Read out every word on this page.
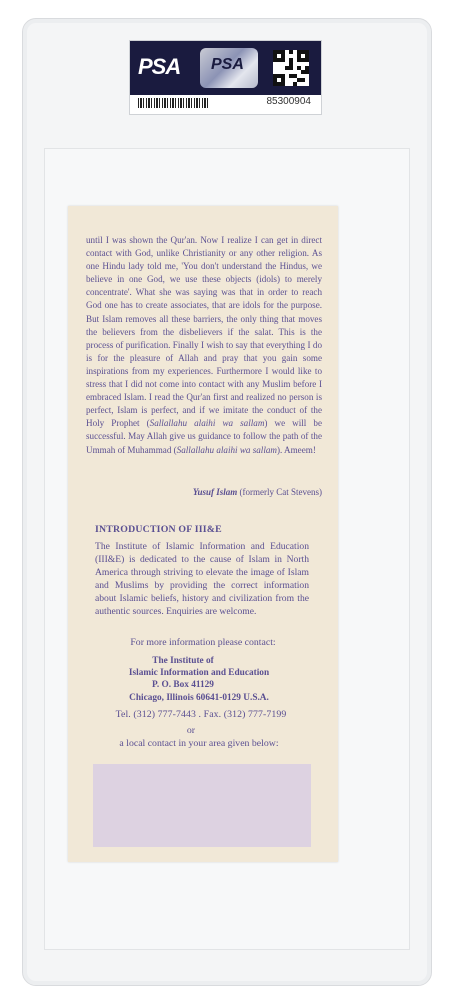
PSA	PSA
85300904
until I was shown the Qur'an. Now I realize I can get in direct contact with God, unlike Christianity or any other religion. As one Hindu lady told me, 'You don't understand the Hindus, we believe in one God, we use these objects (idols) to merely concentrate'. What she was saying was that in order to reach God one has to create associates, that are idols for the purpose. But Islam removes all these barriers, the only thing that moves the believers from the disbelievers if the salat. This is the process of purification. Finally I wish to say that everything I do is for the pleasure of Allah and pray that you gain some inspirations from my experiences. Furthermore I would like to stress that I did not come into contact with any Muslim before I embraced Islam. I read the Qur'an first and realized no person is perfect, Islam is perfect, and if we imitate the conduct of the Holy Prophet (Sallallahu alaihi wa sallam) we will be successful. May Allah give us guidance to follow the path of the Ummah of Muhammad (Sallallahu alaihi wa sallam). Ameem!
Yusuf Islam (formerly Cat Stevens)
INTRODUCTION OF III&E
The Institute of Islamic Information and Education (III&E) is dedicated to the cause of Islam in North America through striving to elevate the image of Islam and Muslims by providing the correct information about Islamic beliefs, history and civilization from the authentic sources. Enquiries are welcome.
For more information please contact:
The Institute of
Islamic Information and Education
P. O. Box 41129
Chicago, Illinois 60641-0129 U.S.A.
Tel. (312) 777-7443 . Fax. (312) 777-7199
or
a local contact in your area given below:
